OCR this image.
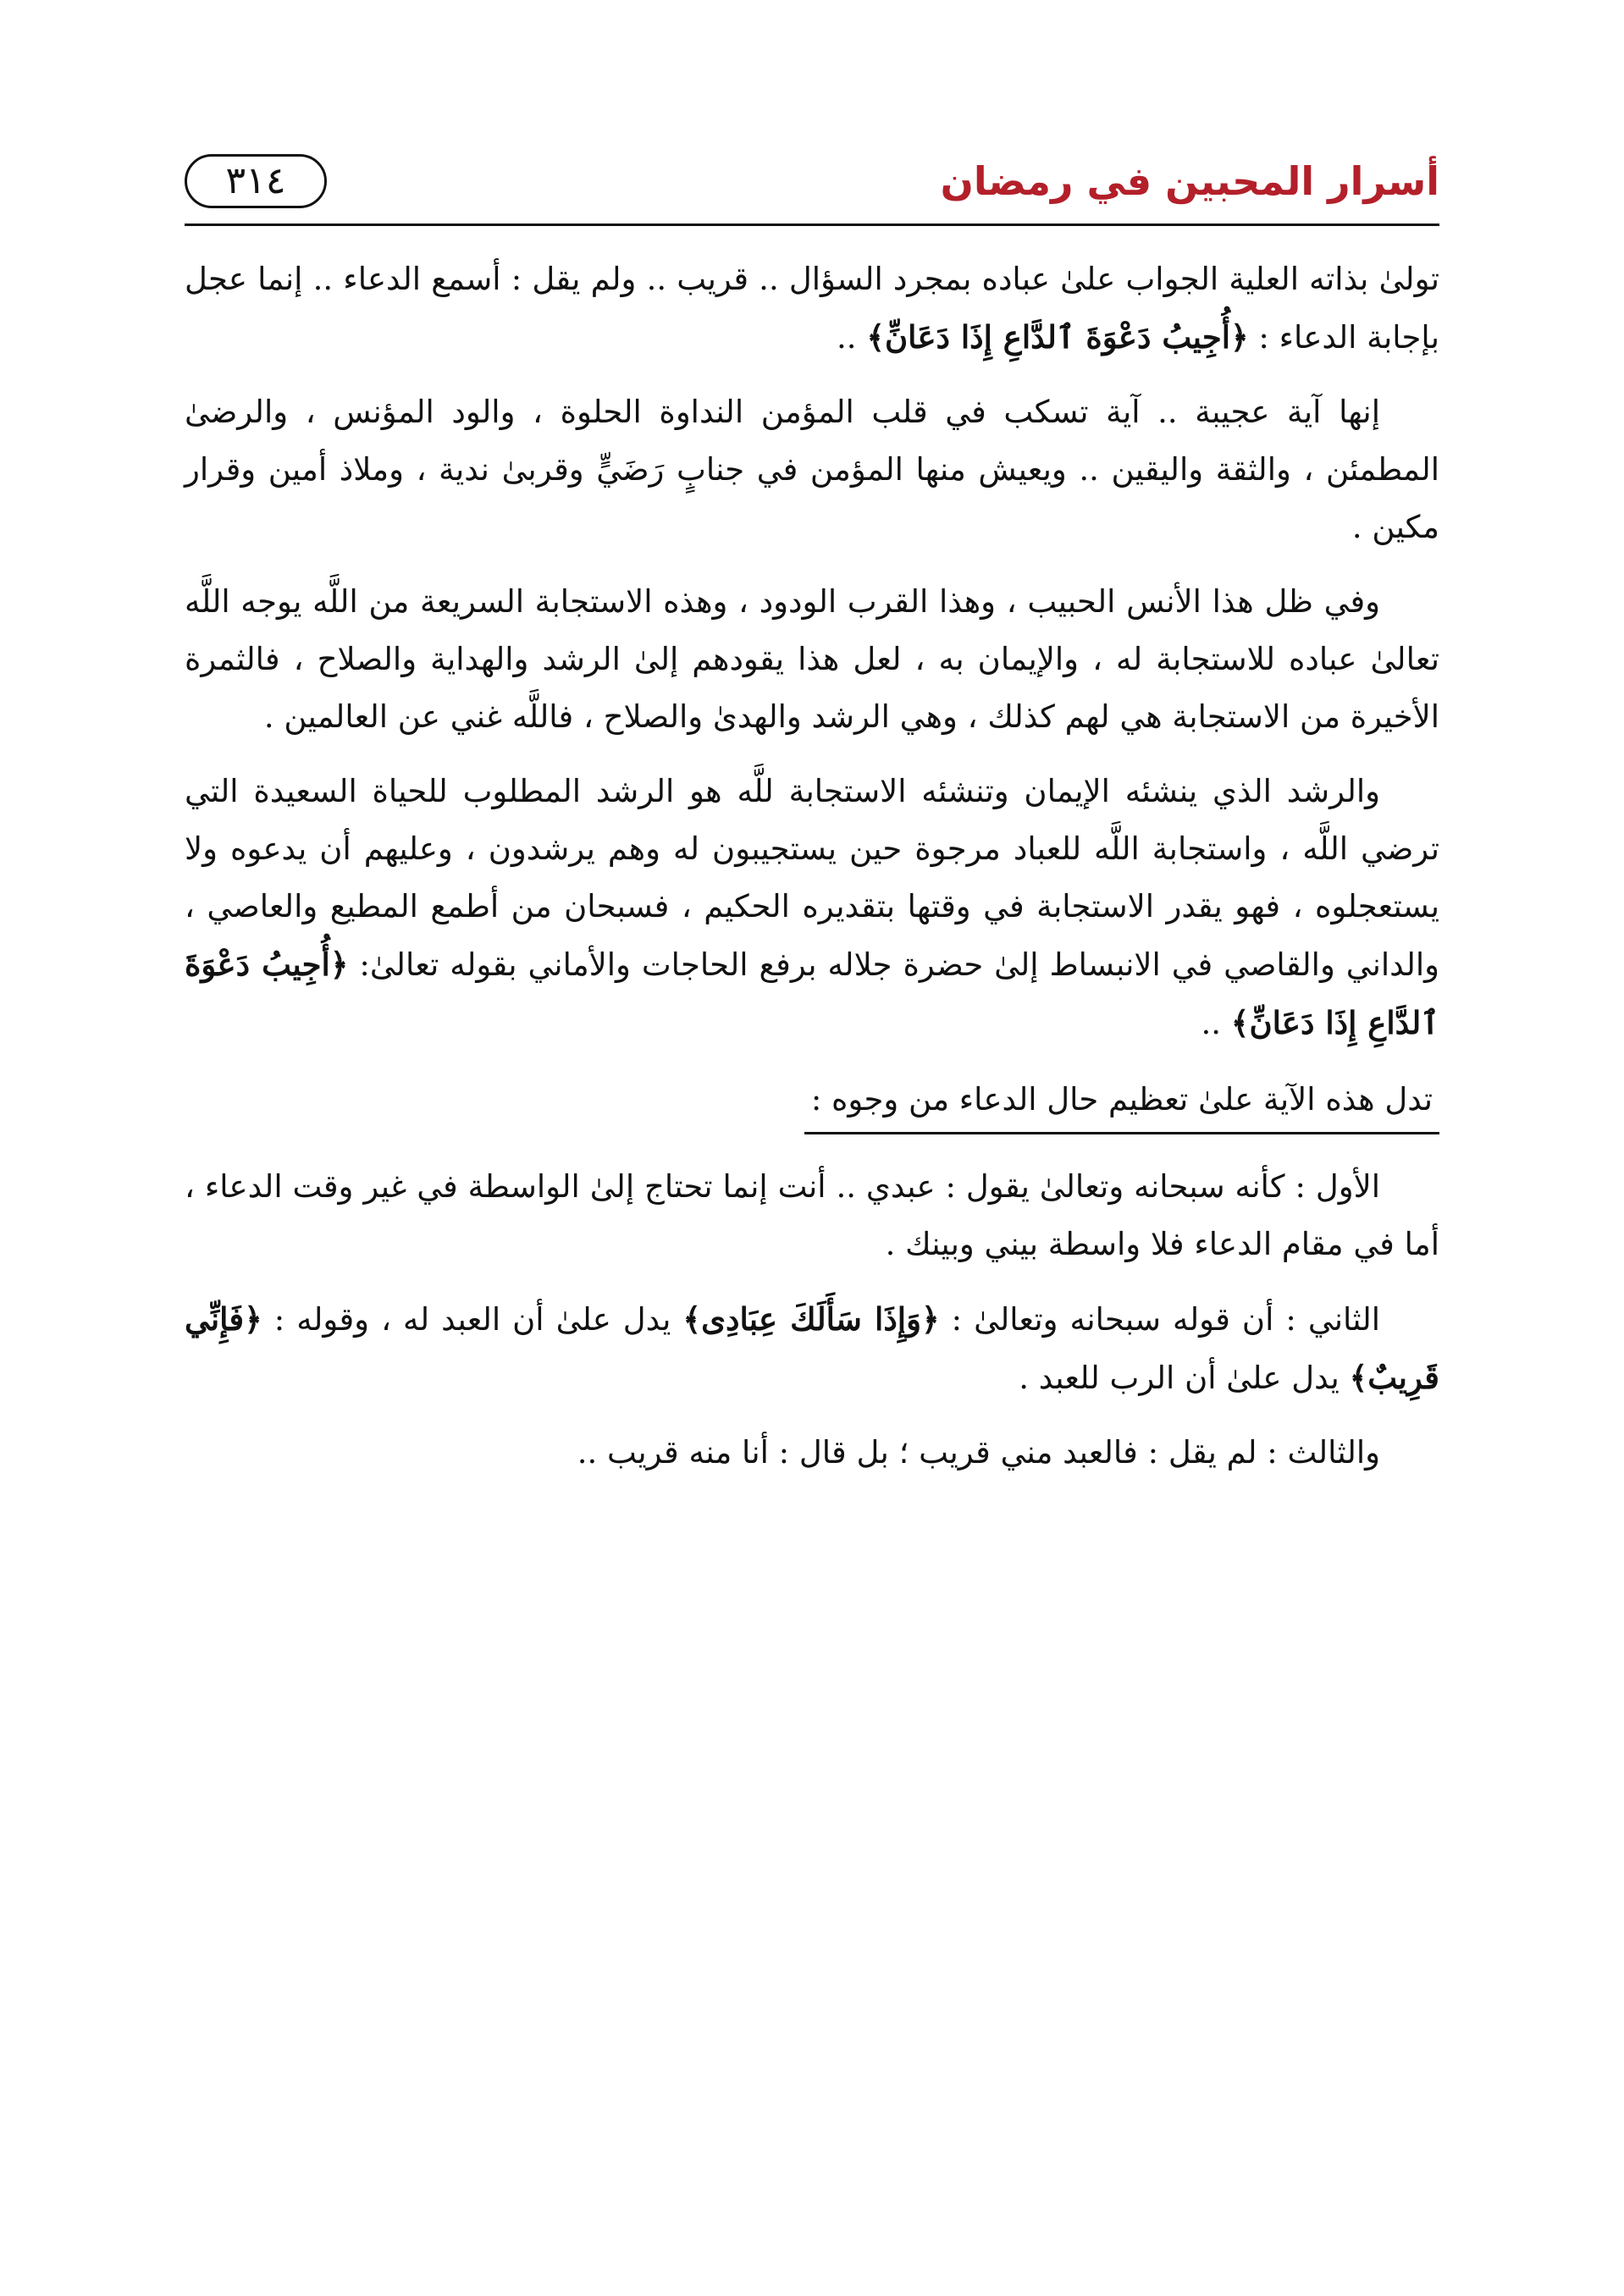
أسرار المحبين في رمضان
٣١٤

تولىٰ بذاته العلية الجواب علىٰ عباده بمجرد السؤال .. قريب .. ولم يقل : أسمع الدعاء .. إنما عجل بإجابة الدعاء : ﴿أُجِيبُ دَعْوَةَ ٱلدَّاعِ إِذَا دَعَانِّ﴾ ..

إنها آية عجيبة .. آية تسكب في قلب المؤمن النداوة الحلوة ، والود المؤنس ، والرضىٰ المطمئن ، والثقة واليقين .. ويعيش منها المؤمن في جنابٍ رَضَيٍّ وقربىٰ ندية ، وملاذ أمين وقرار مكين .

وفي ظل هذا الأنس الحبيب ، وهذا القرب الودود ، وهذه الاستجابة السريعة من اللَّه يوجه اللَّه تعالىٰ عباده للاستجابة له ، والإيمان به ، لعل هذا يقودهم إلىٰ الرشد والهداية والصلاح ، فالثمرة الأخيرة من الاستجابة هي لهم كذلك ، وهي الرشد والهدىٰ والصلاح ، فاللَّه غني عن العالمين .

والرشد الذي ينشئه الإيمان وتنشئه الاستجابة للَّه هو الرشد المطلوب للحياة السعيدة التي ترضي اللَّه ، واستجابة اللَّه للعباد مرجوة حين يستجيبون له وهم يرشدون ، وعليهم أن يدعوه ولا يستعجلوه ، فهو يقدر الاستجابة في وقتها بتقديره الحكيم ، فسبحان من أطمع المطيع والعاصي ، والداني والقاصي في الانبساط إلىٰ حضرة جلاله برفع الحاجات والأماني بقوله تعالىٰ: ﴿أُجِيبُ دَعْوَةَ ٱلدَّاعِ إِذَا دَعَانِّ﴾ ..

تدل هذه الآية علىٰ تعظيم حال الدعاء من وجوه :

الأول : كأنه سبحانه وتعالىٰ يقول : عبدي .. أنت إنما تحتاج إلىٰ الواسطة في غير وقت الدعاء ، أما في مقام الدعاء فلا واسطة بيني وبينك .

الثاني : أن قوله سبحانه وتعالىٰ : ﴿وَإِذَا سَأَلَكَ عِبَادِى﴾ يدل علىٰ أن العبد له ، وقوله : ﴿فَإِنِّي قَرِيبٌ﴾ يدل علىٰ أن الرب للعبد .

والثالث : لم يقل : فالعبد مني قريب ؛ بل قال : أنا منه قريب ..
